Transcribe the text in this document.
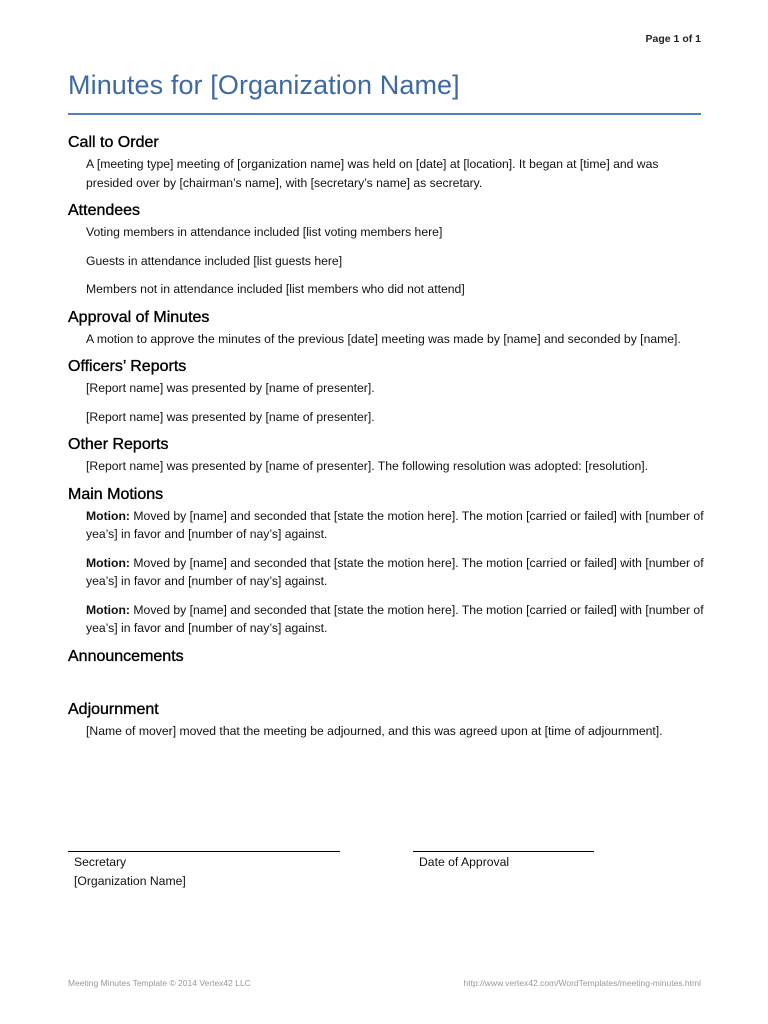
Page 1 of 1
Minutes for [Organization Name]
Call to Order

A [meeting type] meeting of [organization name] was held on [date] at [location]. It began at [time] and was presided over by [chairman’s name], with [secretary’s name] as secretary.

Attendees

Voting members in attendance included [list voting members here]

Guests in attendance included [list guests here]

Members not in attendance included [list members who did not attend]

Approval of Minutes

A motion to approve the minutes of the previous [date] meeting was made by [name] and seconded by [name].

Officers’ Reports

[Report name] was presented by [name of presenter].

[Report name] was presented by [name of presenter].

Other Reports

[Report name] was presented by [name of presenter]. The following resolution was adopted: [resolution].

Main Motions

Motion: Moved by [name] and seconded that [state the motion here]. The motion [carried or failed] with [number of yea’s] in favor and [number of nay’s] against.

Motion: Moved by [name] and seconded that [state the motion here]. The motion [carried or failed] with [number of yea’s] in favor and [number of nay’s] against.

Motion: Moved by [name] and seconded that [state the motion here]. The motion [carried or failed] with [number of yea’s] in favor and [number of nay’s] against.

Announcements
Adjournment

[Name of mover] moved that the meeting be adjourned, and this was agreed upon at [time of adjournment].

Secretary
[Organization Name]
Date of Approval
Meeting Minutes Template © 2014 Vertex42 LLC	http://www.vertex42.com/WordTemplates/meeting-minutes.html
